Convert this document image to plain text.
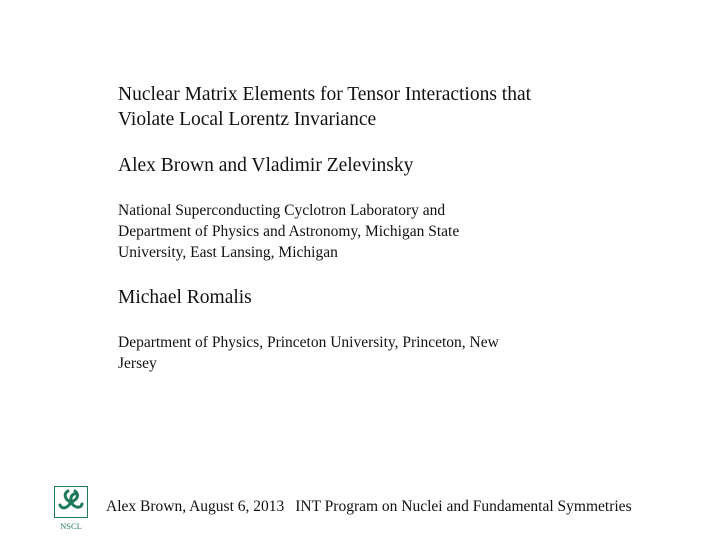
Nuclear Matrix Elements for Tensor Interactions that
Violate Local Lorentz Invariance
Alex Brown and Vladimir Zelevinsky
National Superconducting Cyclotron Laboratory and
Department of Physics and Astronomy, Michigan State
University, East Lansing, Michigan
Michael Romalis
Department of Physics, Princeton University, Princeton, New
Jersey
NSCL
Alex Brown, August 6, 2013 INT Program on Nuclei and Fundamental Symmetries
